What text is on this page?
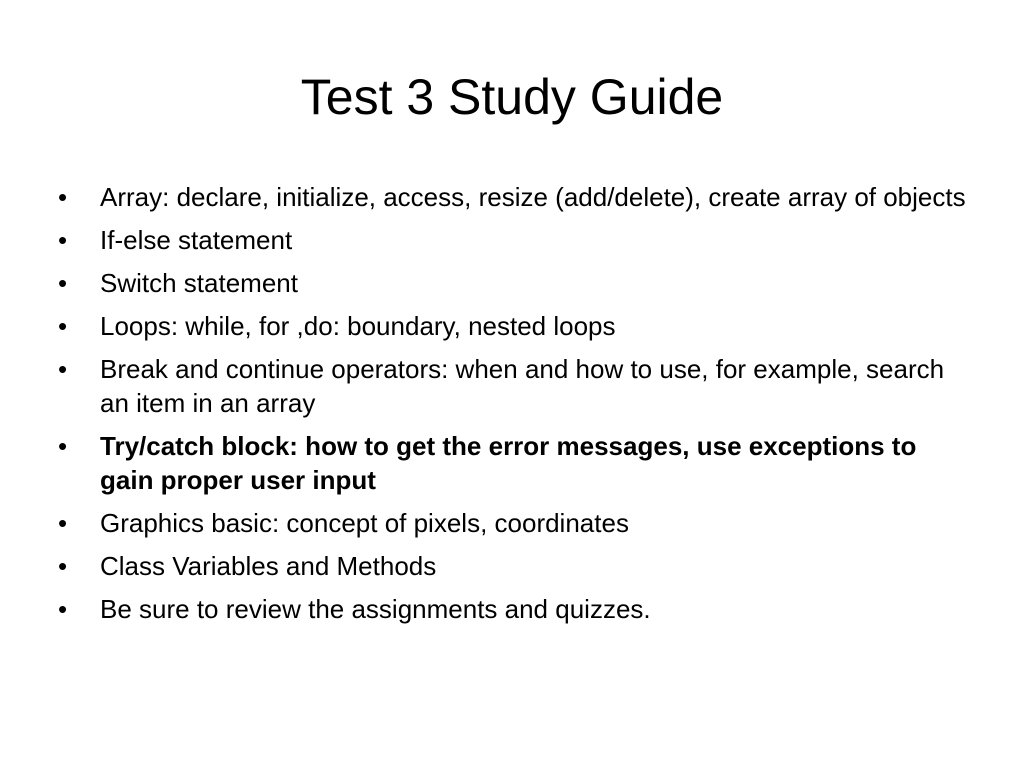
Test 3 Study Guide
•	Array: declare, initialize, access, resize (add/delete), create array of objects
•	If-else statement
•	Switch statement
•	Loops: while, for ,do: boundary, nested loops
•	Break and continue operators: when and how to use, for example, search an item in an array
•	Try/catch block: how to get the error messages, use exceptions to gain proper user input
•	Graphics basic: concept of pixels, coordinates
•	Class Variables and Methods
•	Be sure to review the assignments and quizzes.
